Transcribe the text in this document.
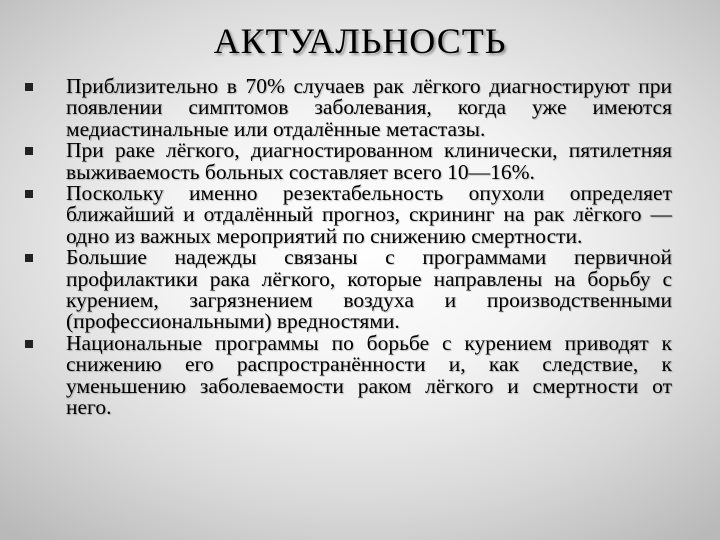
АКТУАЛЬНОСТЬ
Приблизительно в 70% случаев рак лёгкого диагностируют при появлении симптомов заболевания, когда уже имеются медиастинальные или отдалённые метастазы.
При раке лёгкого, диагностированном клинически, пятилетняя выживаемость больных составляет всего 10—16%.
Поскольку именно резектабельность опухоли определяет ближайший и отдалённый прогноз, скрининг на рак лёгкого — одно из важных мероприятий по снижению смертности.
Большие надежды связаны с программами первичной профилактики рака лёгкого, которые направлены на борьбу с курением, загрязнением воздуха и производственными (профессиональными) вредностями.
Национальные программы по борьбе с курением приводят к снижению его распространённости и, как следствие, к уменьшению заболеваемости раком лёгкого и смертности от него.
